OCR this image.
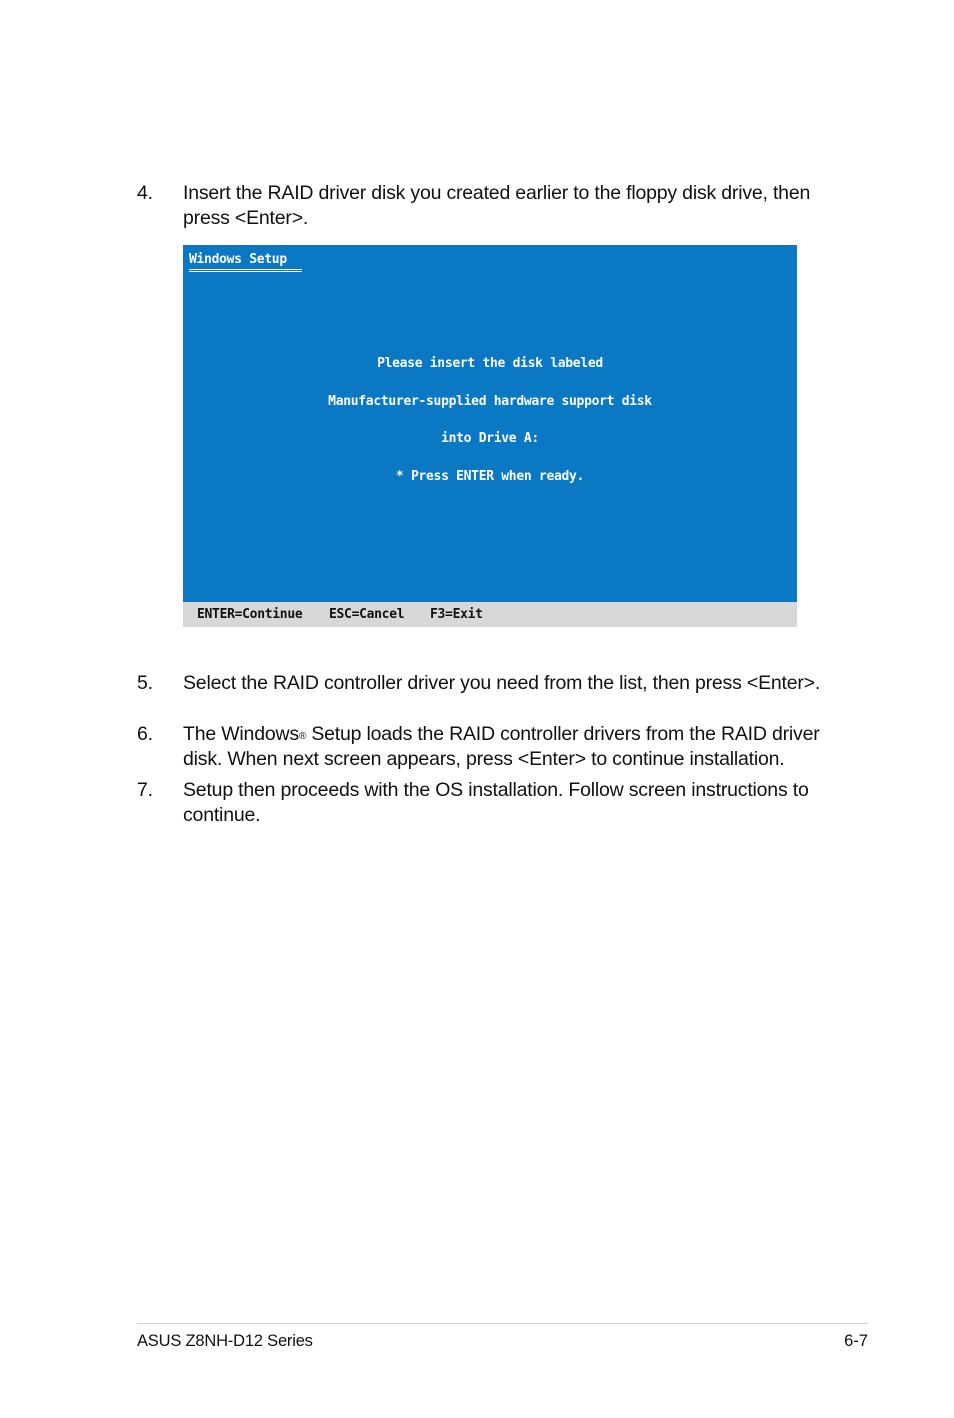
4. Insert the RAID driver disk you created earlier to the floppy disk drive, then press <Enter>.
Windows Setup
Please insert the disk labeled
Manufacturer-supplied hardware support disk
into Drive A:
* Press ENTER when ready.
ENTER=Continue ESC=Cancel F3=Exit
5. Select the RAID controller driver you need from the list, then press <Enter>.
6. The Windows® Setup loads the RAID controller drivers from the RAID driver disk. When next screen appears, press <Enter> to continue installation.
7. Setup then proceeds with the OS installation. Follow screen instructions to continue.
ASUS Z8NH-D12 Series	6-7
